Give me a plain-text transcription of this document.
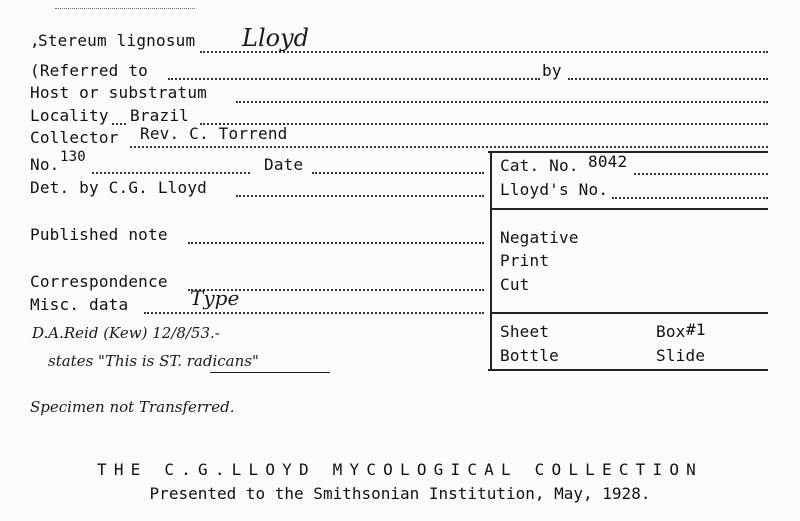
,
Stereum lignosum Lloyd
(Referred to	by
Host or substratum
Locality Brazil
Collector Rev. C. Torrend
No. 130	Date
Det. by C.G. Lloyd
Published note
Correspondence
Misc. data	Type
D.A.Reid (Kew) 12/8/53.-
states "This is ST. radicans"
Specimen not Transferred.
Cat. No. 8042
Lloyd's No.
Negative
Print
Cut
Sheet	Box #1
Bottle	Slide
THE C.G.LLOYD MYCOLOGICAL COLLECTION
Presented to the Smithsonian Institution, May, 1928.
